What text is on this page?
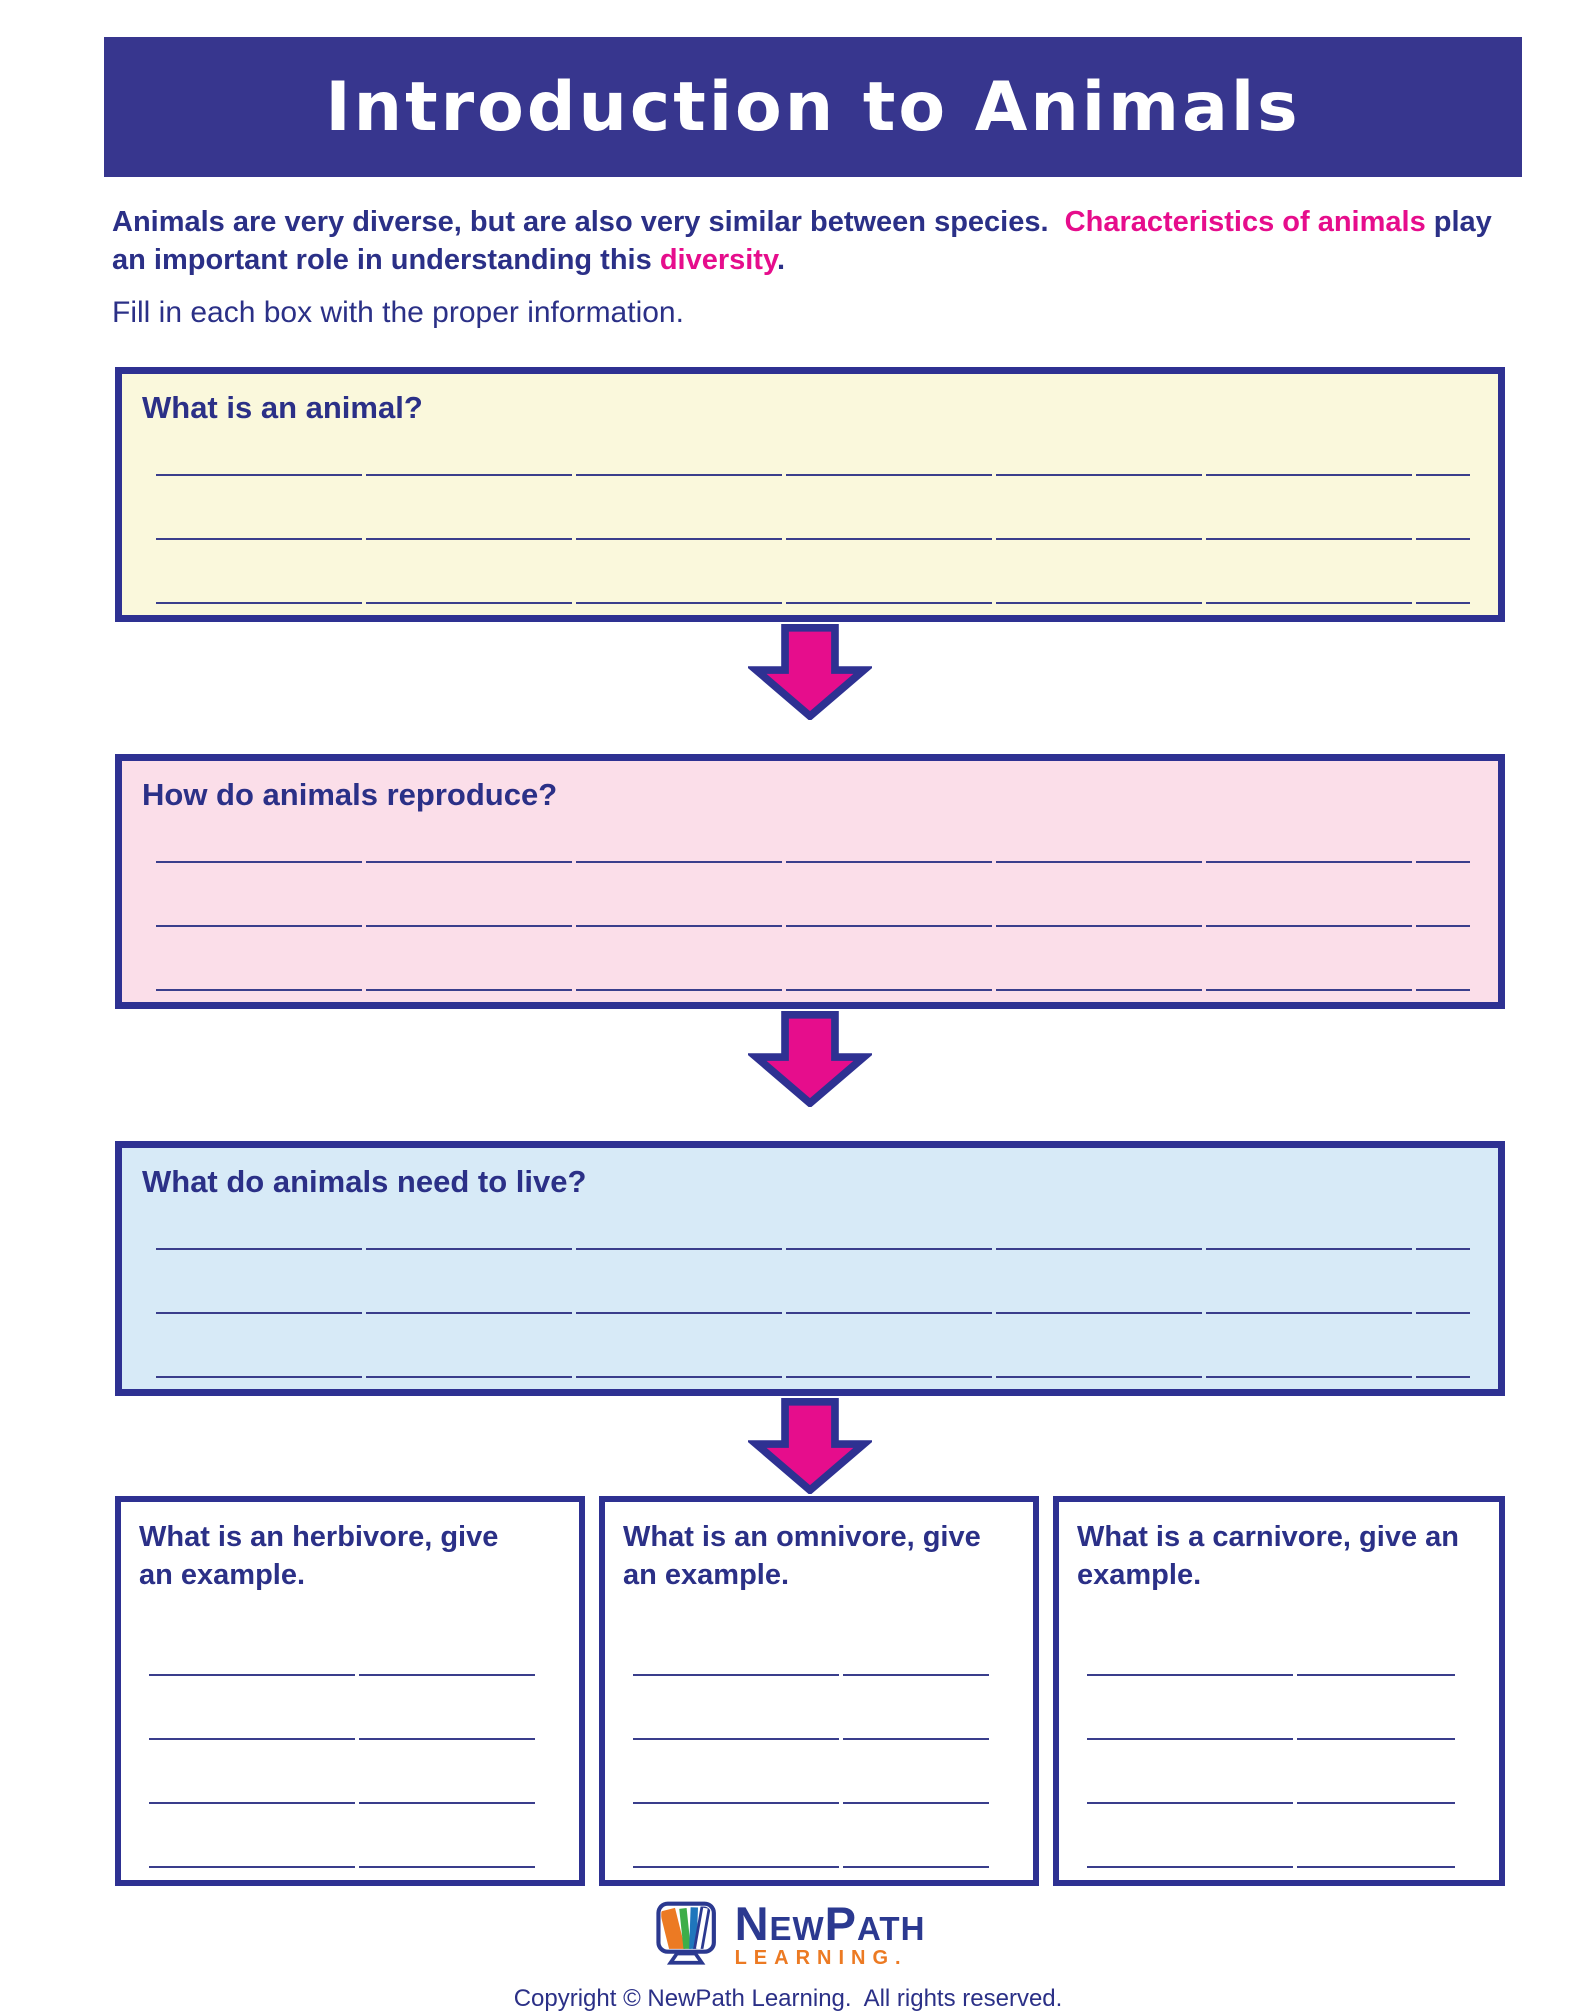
Introduction to Animals

Animals are very diverse, but are also very similar between species.  Characteristics of animals play an important role in understanding this diversity.

Fill in each box with the proper information.

What is an animal?
How do animals reproduce?
What do animals need to live?
What is an herbivore, give an example.
What is an omnivore, give an example.
What is a carnivore, give an example.
NewPath
LEARNING.

Copyright © NewPath Learning.  All rights reserved.
